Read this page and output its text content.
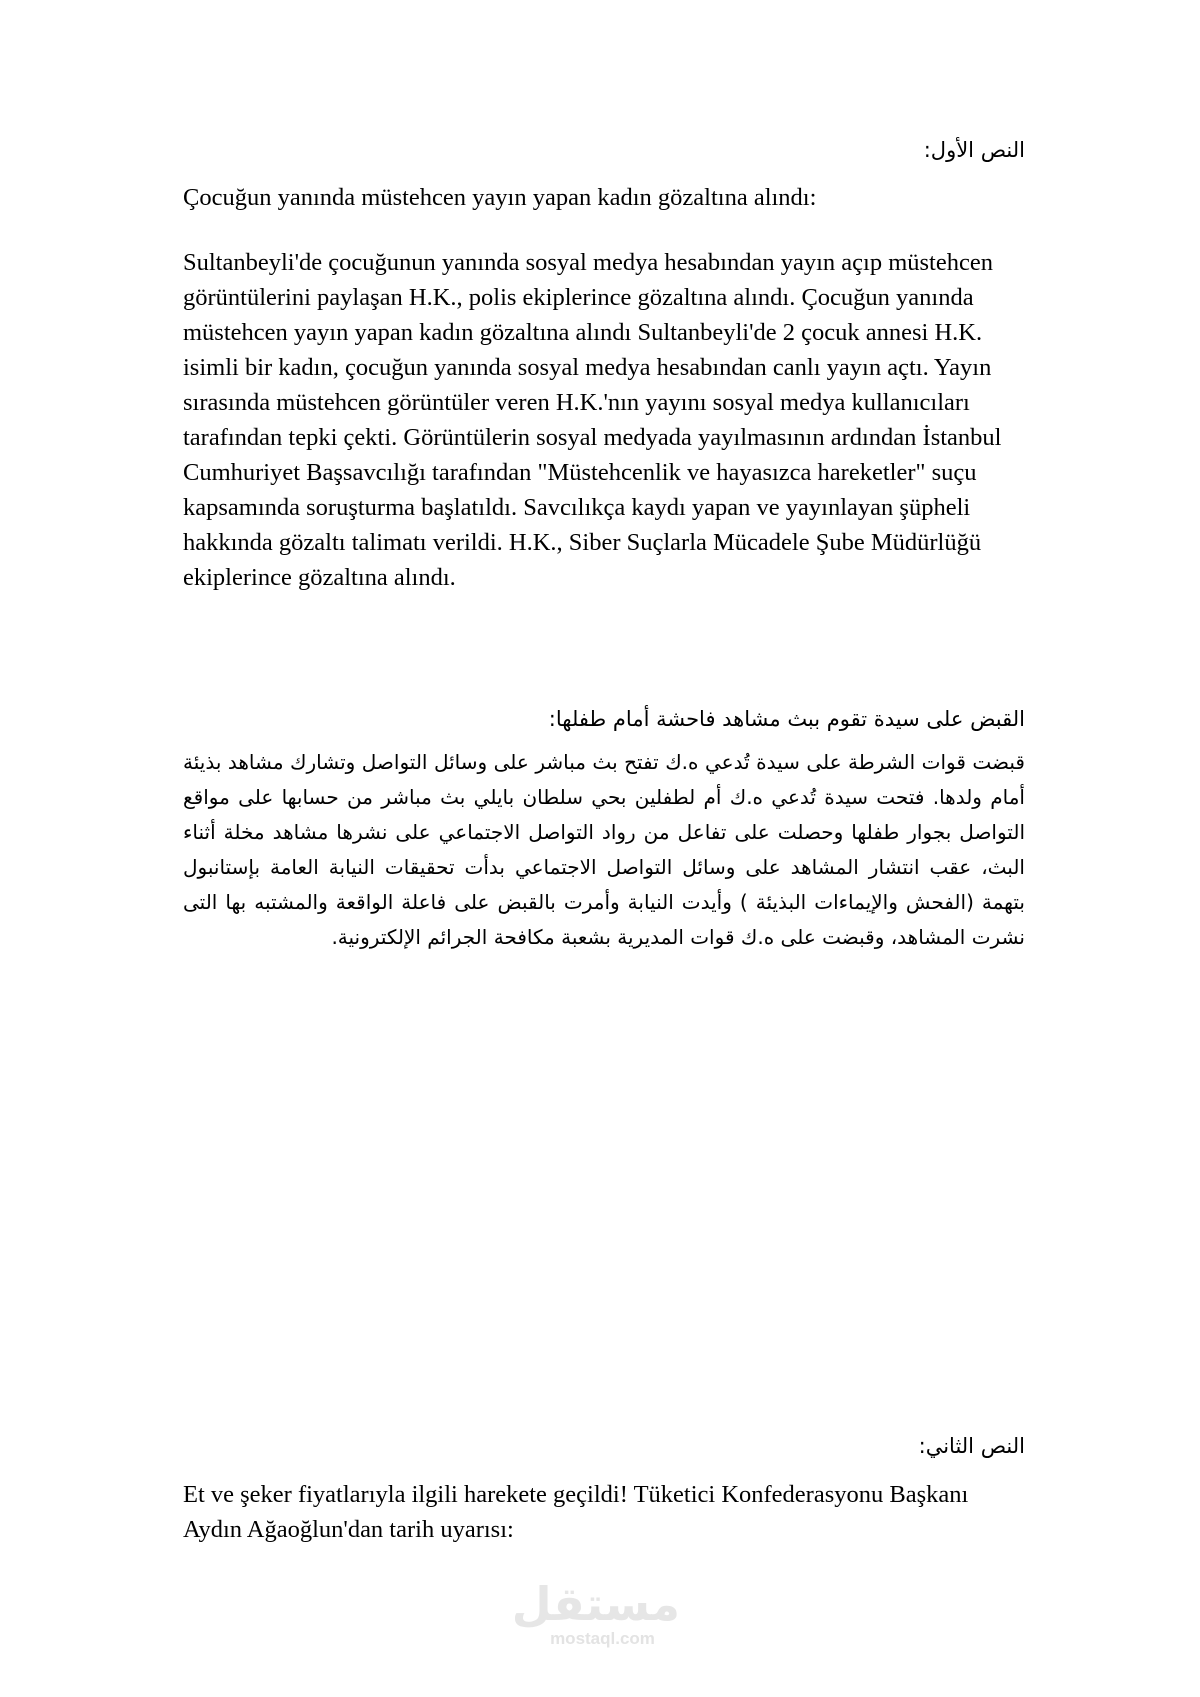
النص الأول:
Çocuğun yanında müstehcen yayın yapan kadın gözaltına alındı:
Sultanbeyli'de çocuğunun yanında sosyal medya hesabından yayın açıp müstehcen görüntülerini paylaşan H.K., polis ekiplerince gözaltına alındı. Çocuğun yanında müstehcen yayın yapan kadın gözaltına alındı Sultanbeyli'de 2 çocuk annesi H.K. isimli bir kadın, çocuğun yanında sosyal medya hesabından canlı yayın açtı. Yayın sırasında müstehcen görüntüler veren H.K.'nın yayını sosyal medya kullanıcıları tarafından tepki çekti. Görüntülerin sosyal medyada yayılmasının ardından İstanbul Cumhuriyet Başsavcılığı tarafından "Müstehcenlik ve hayasızca hareketler" suçu kapsamında soruşturma başlatıldı. Savcılıkça kaydı yapan ve yayınlayan şüpheli hakkında gözaltı talimatı verildi. H.K., Siber Suçlarla Mücadele Şube Müdürlüğü ekiplerince gözaltına alındı.
القبض على سيدة تقوم ببث مشاهد فاحشة أمام طفلها:
قبضت قوات الشرطة على سيدة تُدعي ه.ك تفتح بث مباشر على وسائل التواصل وتشارك مشاهد بذيئة أمام ولدها. فتحت سيدة تُدعي ه.ك أم لطفلين بحي سلطان بايلي بث مباشر من حسابها على مواقع التواصل بجوار طفلها وحصلت على تفاعل من رواد التواصل الاجتماعي على نشرها مشاهد مخلة أثناء البث، عقب انتشار المشاهد على وسائل التواصل الاجتماعي بدأت تحقيقات النيابة العامة بإستانبول بتهمة (الفحش والإيماءات البذيئة ) وأيدت النيابة وأمرت بالقبض على فاعلة الواقعة والمشتبه بها التى نشرت المشاهد، وقبضت على ه.ك قوات المديرية بشعبة مكافحة الجرائم الإلكترونية.
النص الثاني:
Et ve şeker fiyatlarıyla ilgili harekete geçildi! Tüketici Konfederasyonu Başkanı Aydın Ağaoğlun'dan tarih uyarısı:
مستقل
mostaql.com
